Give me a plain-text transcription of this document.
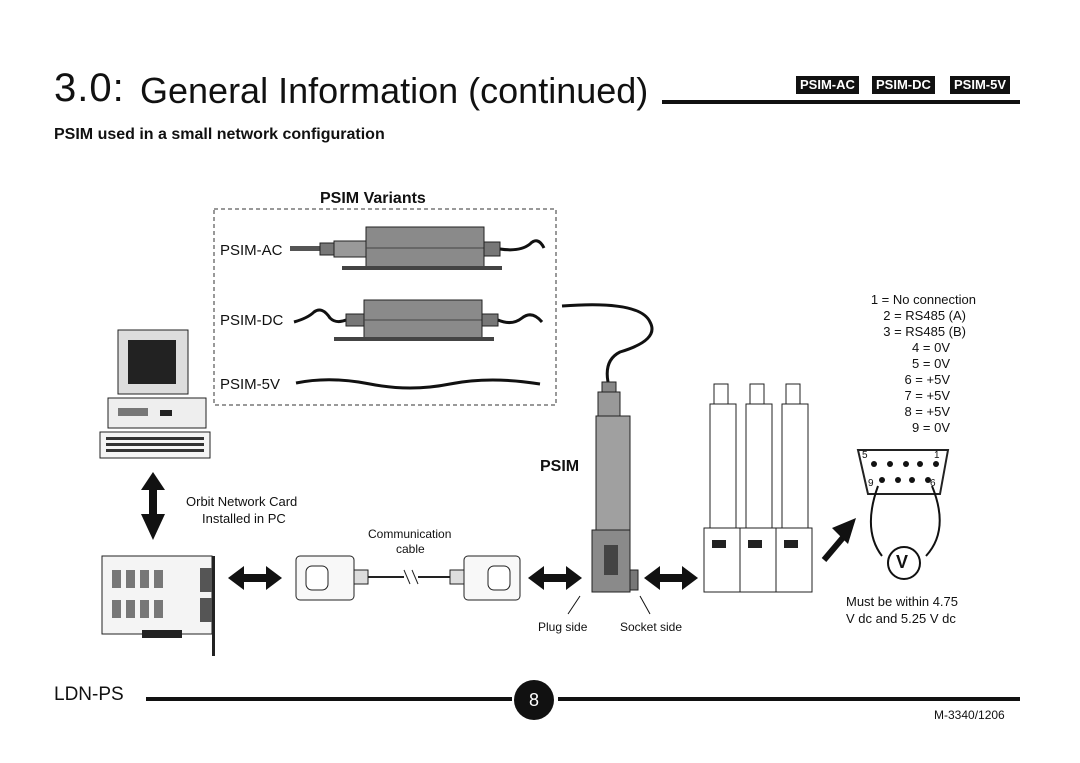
3.0: General Information (continued)	PSIM-AC	PSIM-DC	PSIM-5V
PSIM used in a small network configuration
PSIM Variants
PSIM-AC
PSIM-DC
PSIM-5V
Orbit Network Card
Installed in PC
Communication
cable
PSIM
Plug side	Socket side
5	1
9	6
V
Must be within 4.75
V dc and 5.25 V dc
1 = No connection
2 = RS485 (A)
3 = RS485 (B)
4 = 0V
5 = 0V
6 = +5V
7 = +5V
8 = +5V
9 = 0V
LDN-PS	8
M-3340/1206
